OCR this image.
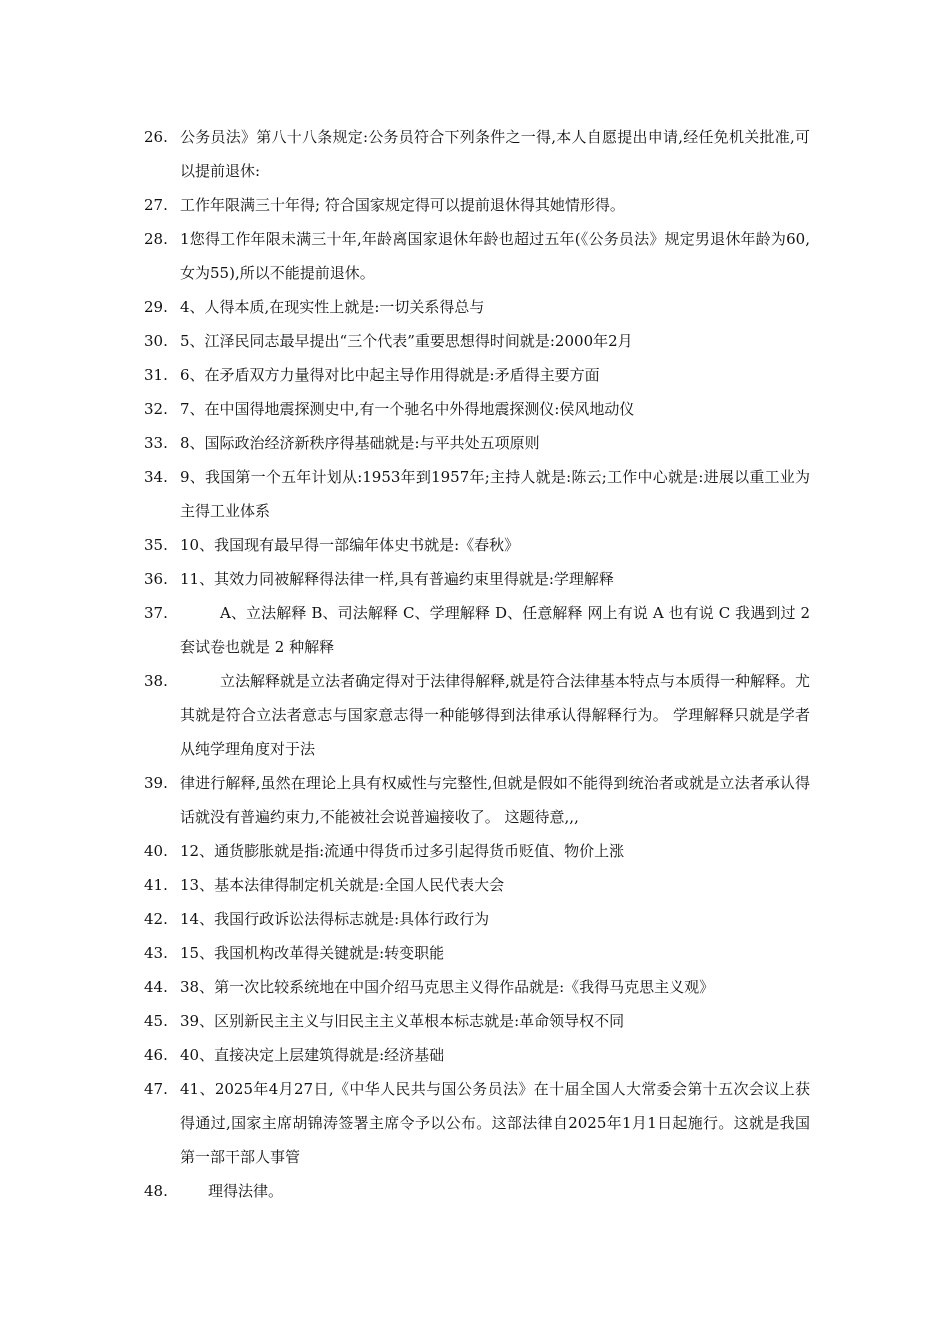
26. 公务员法》第八十八条规定:公务员符合下列条件之一得,本人自愿提出申请,经任免机关批准,可以提前退休:
27. 工作年限满三十年得; 符合国家规定得可以提前退休得其她情形得。
28. 1您得工作年限未满三十年,年龄离国家退休年龄也超过五年(《公务员法》规定男退休年龄为60,女为55),所以不能提前退休。
29. 4、人得本质,在现实性上就是:一切关系得总与
30. 5、江泽民同志最早提出“三个代表”重要思想得时间就是:2000年2月
31. 6、在矛盾双方力量得对比中起主导作用得就是:矛盾得主要方面
32. 7、在中国得地震探测史中,有一个驰名中外得地震探测仪:侯风地动仪
33. 8、国际政治经济新秩序得基础就是:与平共处五项原则
34. 9、我国第一个五年计划从:1953年到1957年;主持人就是:陈云;工作中心就是:进展以重工业为主得工业体系
35. 10、我国现有最早得一部编年体史书就是:《春秋》
36. 11、其效力同被解释得法律一样,具有普遍约束里得就是:学理解释
37.	A、立法解释 B、司法解释 C、学理解释 D、任意解释 网上有说 A 也有说 C 我遇到过 2 套试卷也就是 2 种解释
38.	立法解释就是立法者确定得对于法律得解释,就是符合法律基本特点与本质得一种解释。尤其就是符合立法者意志与国家意志得一种能够得到法律承认得解释行为。 学理解释只就是学者从纯学理角度对于法
39. 律进行解释,虽然在理论上具有权威性与完整性,但就是假如不能得到统治者或就是立法者承认得话就没有普遍约束力,不能被社会说普遍接收了。 这题待意,,,
40. 12、通货膨胀就是指:流通中得货币过多引起得货币贬值、物价上涨
41. 13、基本法律得制定机关就是:全国人民代表大会
42. 14、我国行政诉讼法得标志就是:具体行政行为
43. 15、我国机构改革得关键就是:转变职能
44. 38、第一次比较系统地在中国介绍马克思主义得作品就是:《我得马克思主义观》
45. 39、区别新民主主义与旧民主主义革根本标志就是:革命领导权不同
46. 40、直接决定上层建筑得就是:经济基础
47. 41、2025年4月27日,《中华人民共与国公务员法》在十届全国人大常委会第十五次会议上获得通过,国家主席胡锦涛签署主席令予以公布。这部法律自2025年1月1日起施行。这就是我国第一部干部人事管
48.	理得法律。
